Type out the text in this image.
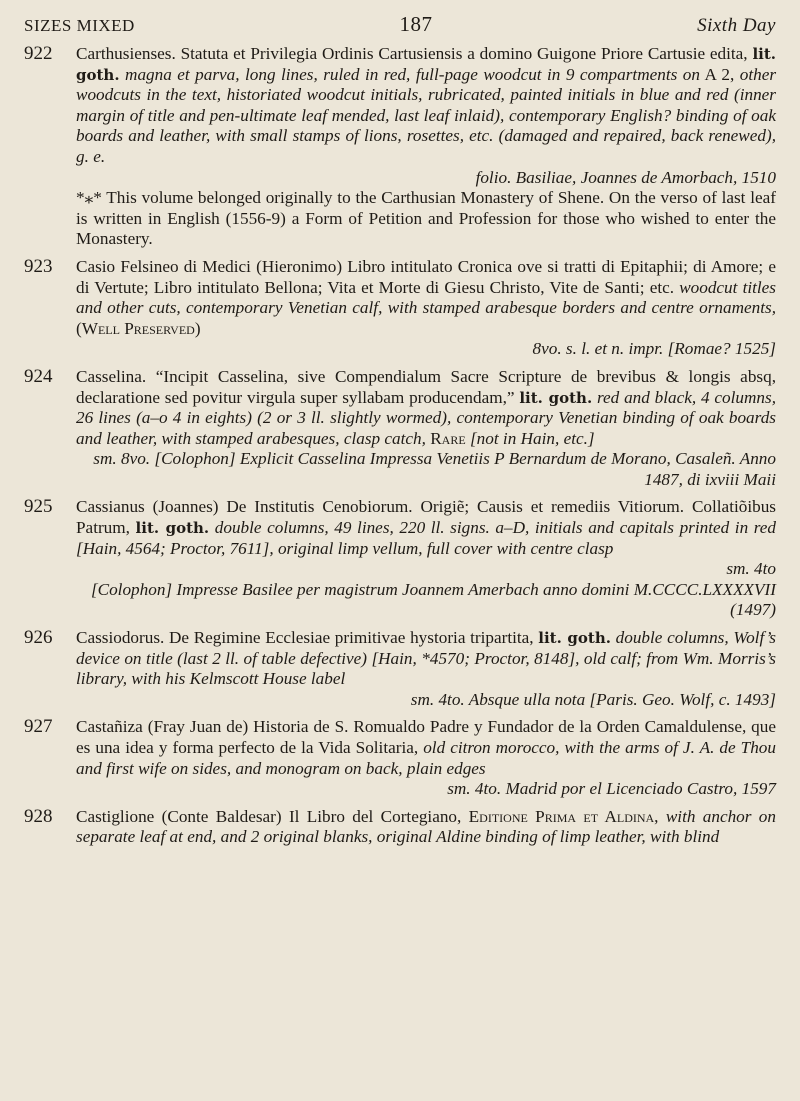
SIZES MIXED	187	Sixth Day
922	Carthusienses. Statuta et Privilegia Ordinis Cartusiensis a domino Guigone Priore Cartusie edita, lit. goth. magna et parva, long lines, ruled in red, full-page woodcut in 9 compartments on A 2, other woodcuts in the text, historiated woodcut initials, rubricated, painted initials in blue and red (inner margin of title and pen-ultimate leaf mended, last leaf inlaid), contemporary English? binding of oak boards and leather, with small stamps of lions, rosettes, etc. (damaged and repaired, back renewed), g. e.

folio. Basiliae, Joannes de Amorbach, 1510

*⁎* This volume belonged originally to the Carthusian Monastery of Shene. On the verso of last leaf is written in English (1556-9) a Form of Petition and Profession for those who wished to enter the Monastery.

923	Casio Felsineo di Medici (Hieronimo) Libro intitulato Cronica ove si tratti di Epitaphii; di Amore; e di Vertute; Libro intitulato Bellona; Vita et Morte di Giesu Christo, Vite de Santi; etc. woodcut titles and other cuts, contemporary Venetian calf, with stamped arabesque borders and centre ornaments, (Well Preserved)

8vo. s. l. et n. impr. [Romae? 1525]

924	Casselina. “Incipit Casselina, sive Compendialum Sacre Scripture de brevibus & longis absq, declaratione sed povitur virgula super syllabam producendam,” lit. goth. red and black, 4 columns, 26 lines (a–o 4 in eights) (2 or 3 ll. slightly wormed), contemporary Venetian binding of oak boards and leather, with stamped arabesques, clasp catch, Rare [not in Hain, etc.]

sm. 8vo. [Colophon] Explicit Casselina Impressa Venetiis P Bernardum de Morano, Casaleñ. Anno 1487, di ixviii Maii

925	Cassianus (Joannes) De Institutis Cenobiorum. Origiẽ; Causis et remediis Vitiorum. Collatiõibus Patrum, lit. goth. double columns, 49 lines, 220 ll. signs. a–D, initials and capitals printed in red [Hain, 4564; Proctor, 7611], original limp vellum, full cover with centre clasp

sm. 4to

[Colophon] Impresse Basilee per magistrum Joannem Amerbach anno domini M.CCCC.LXXXXVII (1497)

926	Cassiodorus. De Regimine Ecclesiae primitivae hystoria tripartita, lit. goth. double columns, Wolf’s device on title (last 2 ll. of table defective) [Hain, *4570; Proctor, 8148], old calf; from Wm. Morris’s library, with his Kelmscott House label

sm. 4to. Absque ulla nota [Paris. Geo. Wolf, c. 1493]

927	Castañiza (Fray Juan de) Historia de S. Romualdo Padre y Fundador de la Orden Camaldulense, que es una idea y forma perfecto de la Vida Solitaria, old citron morocco, with the arms of J. A. de Thou and first wife on sides, and monogram on back, plain edges

sm. 4to. Madrid por el Licenciado Castro, 1597

928	Castiglione (Conte Baldesar) Il Libro del Cortegiano, Editione Prima et Aldina, with anchor on separate leaf at end, and 2 original blanks, original Aldine binding of limp leather, with blind
